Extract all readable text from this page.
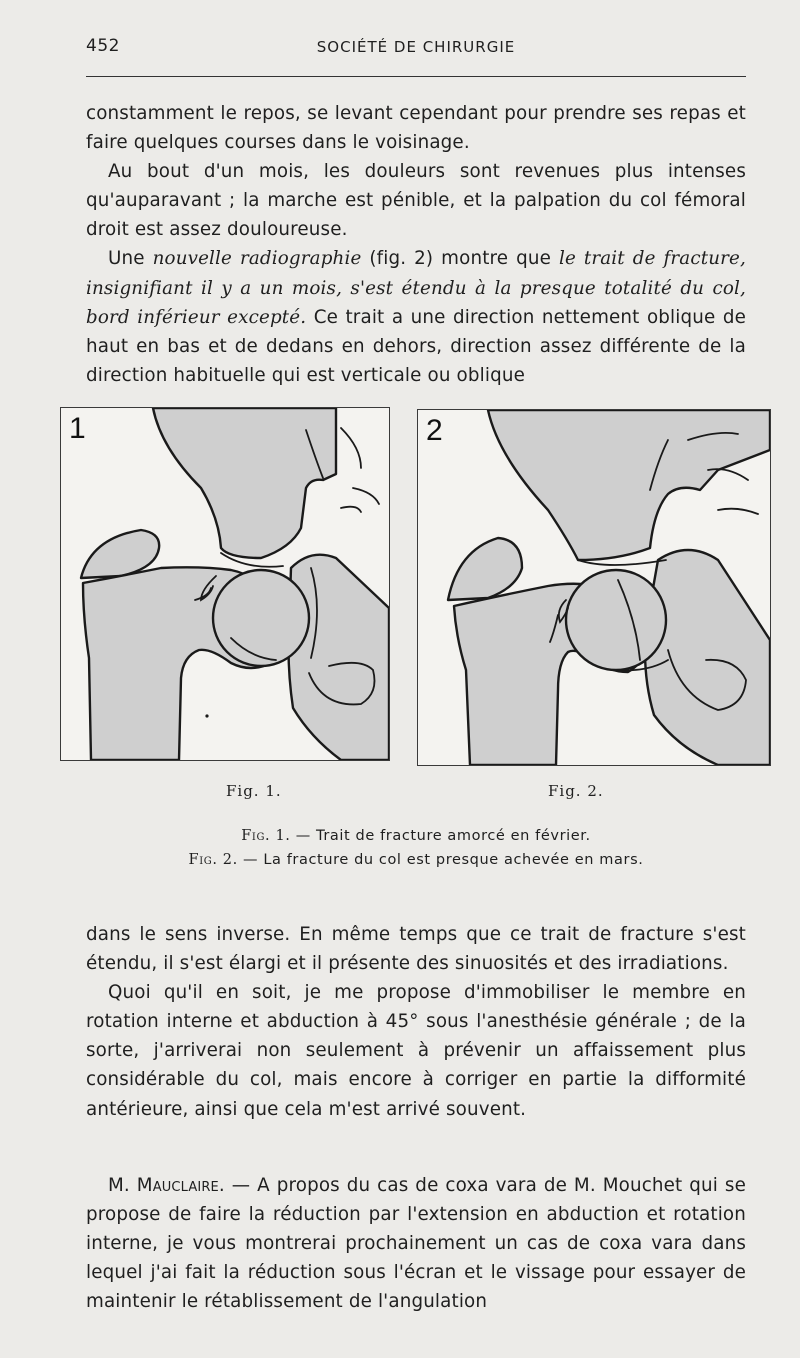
452	SOCIÉTÉ DE CHIRURGIE

constamment le repos, se levant cependant pour prendre ses repas et faire quelques courses dans le voisinage.

Au bout d'un mois, les douleurs sont revenues plus intenses qu'auparavant ; la marche est pénible, et la palpation du col fémoral droit est assez douloureuse.

Une nouvelle radiographie (fig. 2) montre que le trait de fracture, insignifiant il y a un mois, s'est étendu à la presque totalité du col, bord inférieur excepté. Ce trait a une direction nettement oblique de haut en bas et de dedans en dehors, direction assez différente de la direction habituelle qui est verticale ou oblique

1	2
Fig. 1.	Fig. 2.
Fig. 1. — Trait de fracture amorcé en février.
Fig. 2. — La fracture du col est presque achevée en mars.

dans le sens inverse. En même temps que ce trait de fracture s'est étendu, il s'est élargi et il présente des sinuosités et des irradiations.

Quoi qu'il en soit, je me propose d'immobiliser le membre en rotation interne et abduction à 45° sous l'anesthésie générale ; de la sorte, j'arriverai non seulement à prévenir un affaissement plus considérable du col, mais encore à corriger en partie la difformité antérieure, ainsi que cela m'est arrivé souvent.

M. Mauclaire. — A propos du cas de coxa vara de M. Mouchet qui se propose de faire la réduction par l'extension en abduction et rotation interne, je vous montrerai prochainement un cas de coxa vara dans lequel j'ai fait la réduction sous l'écran et le vissage pour essayer de maintenir le rétablissement de l'angulation
